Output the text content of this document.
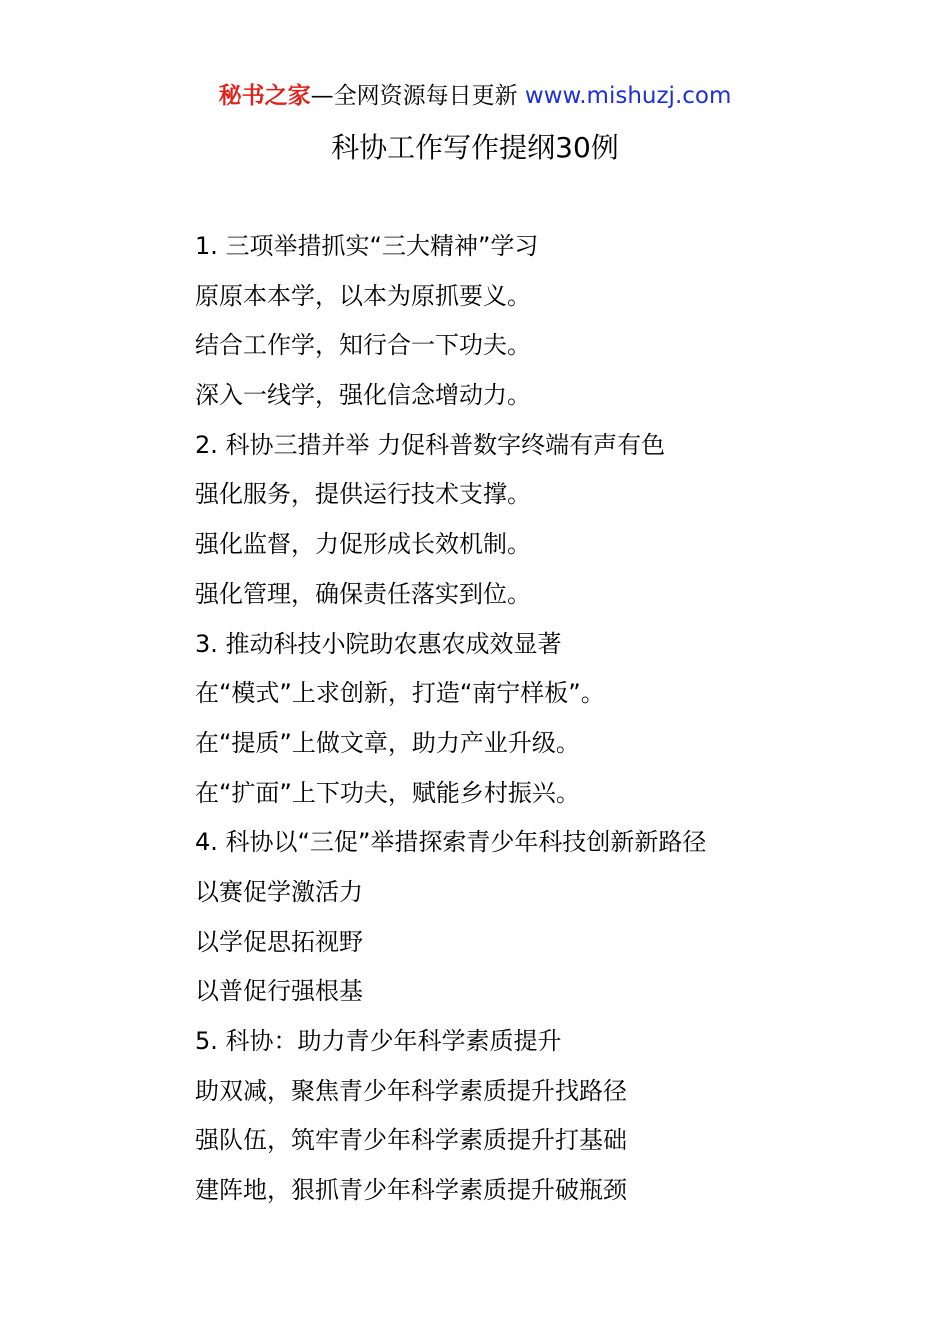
秘书之家—全网资源每日更新 www.mishuzj.com
科协工作写作提纲30例
1. 三项举措抓实“三大精神”学习
原原本本学，以本为原抓要义。
结合工作学，知行合一下功夫。
深入一线学，强化信念增动力。
2. 科协三措并举 力促科普数字终端有声有色
强化服务，提供运行技术支撑。
强化监督，力促形成长效机制。
强化管理，确保责任落实到位。
3. 推动科技小院助农惠农成效显著
在“模式”上求创新，打造“南宁样板”。
在“提质”上做文章，助力产业升级。
在“扩面”上下功夫，赋能乡村振兴。
4. 科协以“三促”举措探索青少年科技创新新路径
以赛促学激活力
以学促思拓视野
以普促行强根基
5. 科协：助力青少年科学素质提升
助双减，聚焦青少年科学素质提升找路径
强队伍，筑牢青少年科学素质提升打基础
建阵地，狠抓青少年科学素质提升破瓶颈
